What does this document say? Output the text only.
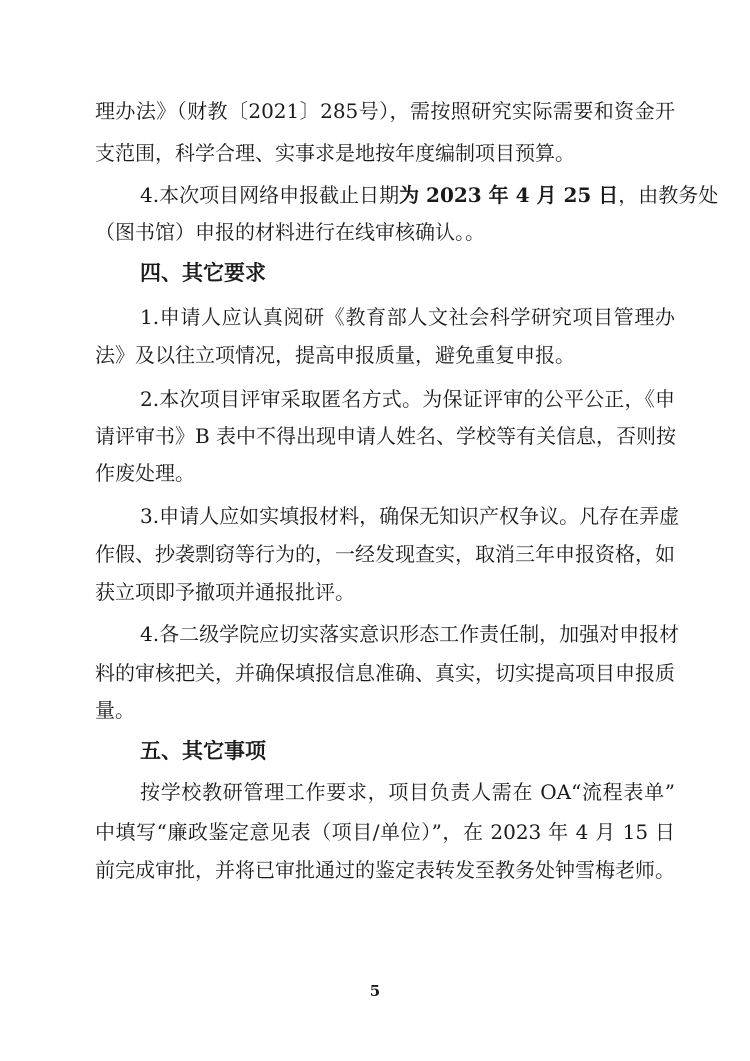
理办法》（财教〔2021〕285号），需按照研究实际需要和资金开
支范围，科学合理、实事求是地按年度编制项目预算。
4.本次项目网络申报截止日期为 2023 年 4 月 25 日，由教务处
（图书馆）申报的材料进行在线审核确认。。
四、其它要求
1.申请人应认真阅研《教育部人文社会科学研究项目管理办
法》及以往立项情况，提高申报质量，避免重复申报。
2.本次项目评审采取匿名方式。为保证评审的公平公正，《申
请评审书》B 表中不得出现申请人姓名、学校等有关信息，否则按
作废处理。
3.申请人应如实填报材料，确保无知识产权争议。凡存在弄虚
作假、抄袭剽窃等行为的，一经发现查实，取消三年申报资格，如
获立项即予撤项并通报批评。
4.各二级学院应切实落实意识形态工作责任制，加强对申报材
料的审核把关，并确保填报信息准确、真实，切实提高项目申报质
量。
五、其它事项
按学校教研管理工作要求，项目负责人需在 OA“流程表单”
中填写“廉政鉴定意见表（项目/单位）”，在 2023 年 4 月 15 日
前完成审批，并将已审批通过的鉴定表转发至教务处钟雪梅老师。
5
